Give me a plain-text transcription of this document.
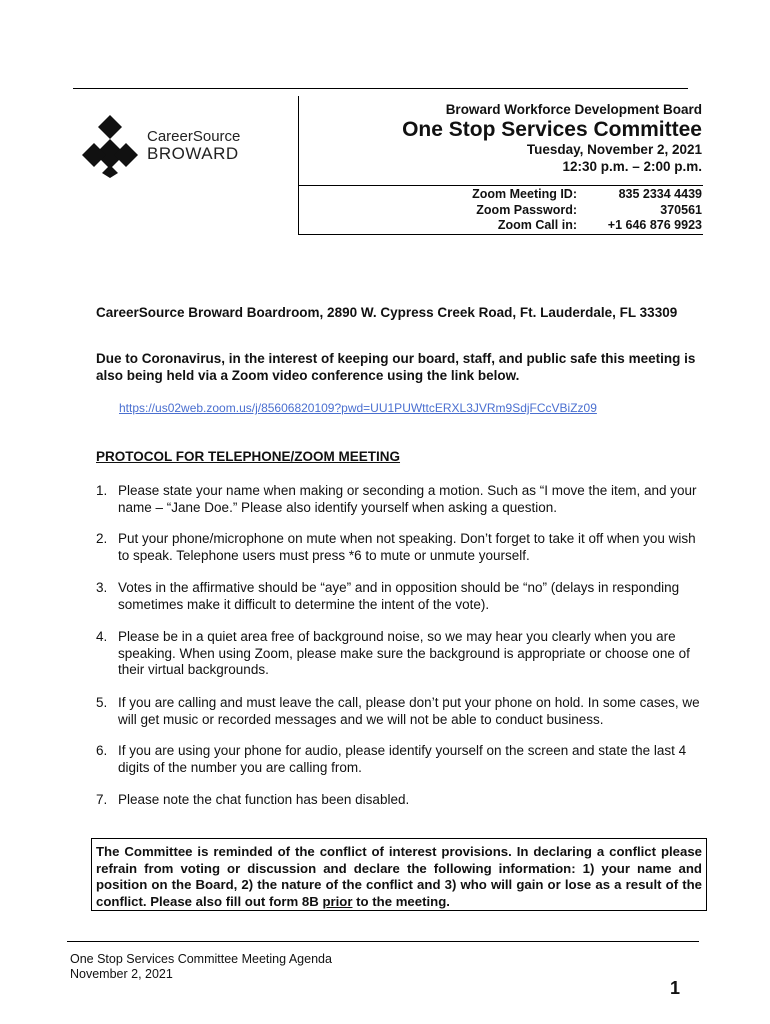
CareerSource
BROWARD
Broward Workforce Development Board
One Stop Services Committee
Tuesday, November 2, 2021
12:30 p.m. – 2:00 p.m.
Zoom Meeting ID:
Zoom Password:
Zoom Call in:
835 2334 4439
370561
+1 646 876 9923
CareerSource Broward Boardroom, 2890 W. Cypress Creek Road, Ft. Lauderdale, FL 33309
Due to Coronavirus, in the interest of keeping our board, staff, and public safe this meeting is also being held via a Zoom video conference using the link below.
https://us02web.zoom.us/j/85606820109?pwd=UU1PUWttcERXL3JVRm9SdjFCcVBiZz09
PROTOCOL FOR TELEPHONE/ZOOM MEETING
1. Please state your name when making or seconding a motion. Such as “I move the item, and your name – “Jane Doe.” Please also identify yourself when asking a question.
2. Put your phone/microphone on mute when not speaking. Don’t forget to take it off when you wish to speak. Telephone users must press *6 to mute or unmute yourself.
3. Votes in the affirmative should be “aye” and in opposition should be “no” (delays in responding sometimes make it difficult to determine the intent of the vote).
4. Please be in a quiet area free of background noise, so we may hear you clearly when you are speaking. When using Zoom, please make sure the background is appropriate or choose one of their virtual backgrounds.
5. If you are calling and must leave the call, please don’t put your phone on hold. In some cases, we will get music or recorded messages and we will not be able to conduct business.
6. If you are using your phone for audio, please identify yourself on the screen and state the last 4 digits of the number you are calling from.
7. Please note the chat function has been disabled.
The Committee is reminded of the conflict of interest provisions. In declaring a conflict please refrain from voting or discussion and declare the following information: 1) your name and position on the Board, 2) the nature of the conflict and 3) who will gain or lose as a result of the conflict. Please also fill out form 8B prior to the meeting.
One Stop Services Committee Meeting Agenda
November 2, 2021
1
